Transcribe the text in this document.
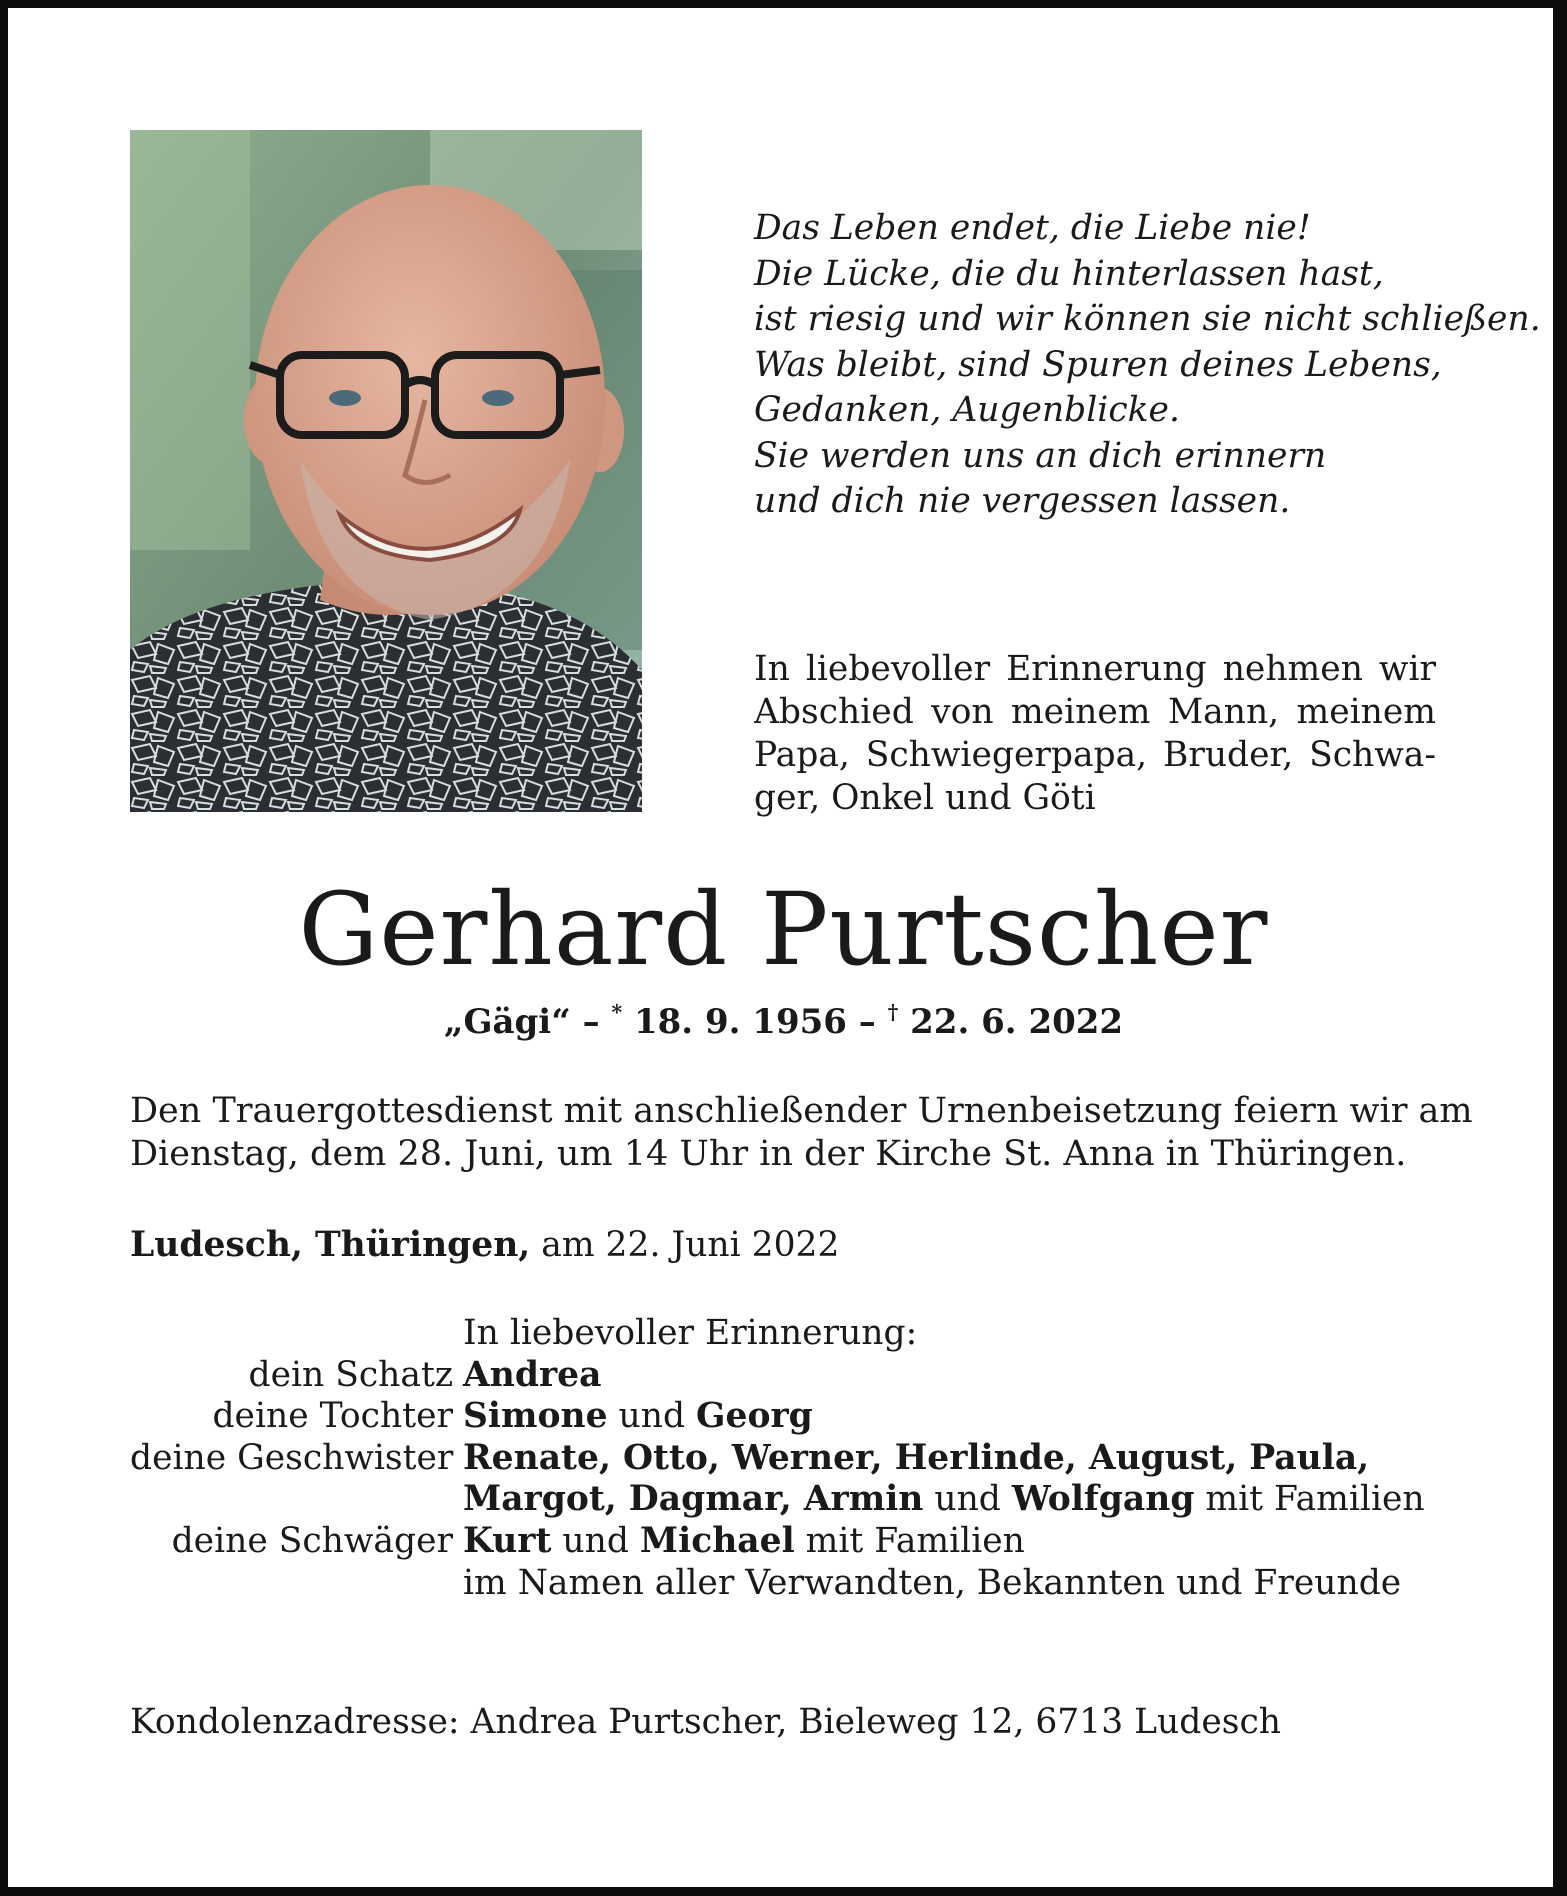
Das Leben endet, die Liebe nie!
Die Lücke, die du hinterlassen hast,
ist riesig und wir können sie nicht schließen.
Was bleibt, sind Spuren deines Lebens,
Gedanken, Augenblicke.
Sie werden uns an dich erinnern
und dich nie vergessen lassen.
In liebevoller Erinnerung nehmen wir
Abschied von meinem Mann, meinem
Papa, Schwiegerpapa, Bruder, Schwa-
ger, Onkel und Göti
Gerhard Purtscher
„Gägi“ – * 18. 9. 1956 – † 22. 6. 2022
Den Trauergottesdienst mit anschließender Urnenbeisetzung feiern wir am
Dienstag, dem 28. Juni, um 14 Uhr in der Kirche St. Anna in Thüringen.
Ludesch, Thüringen, am 22. Juni 2022
In liebevoller Erinnerung:
dein Schatz Andrea
deine Tochter Simone und Georg
deine Geschwister Renate, Otto, Werner, Herlinde, August, Paula,
Margot, Dagmar, Armin und Wolfgang mit Familien
deine Schwäger Kurt und Michael mit Familien
im Namen aller Verwandten, Bekannten und Freunde
Kondolenzadresse: Andrea Purtscher, Bieleweg 12, 6713 Ludesch
